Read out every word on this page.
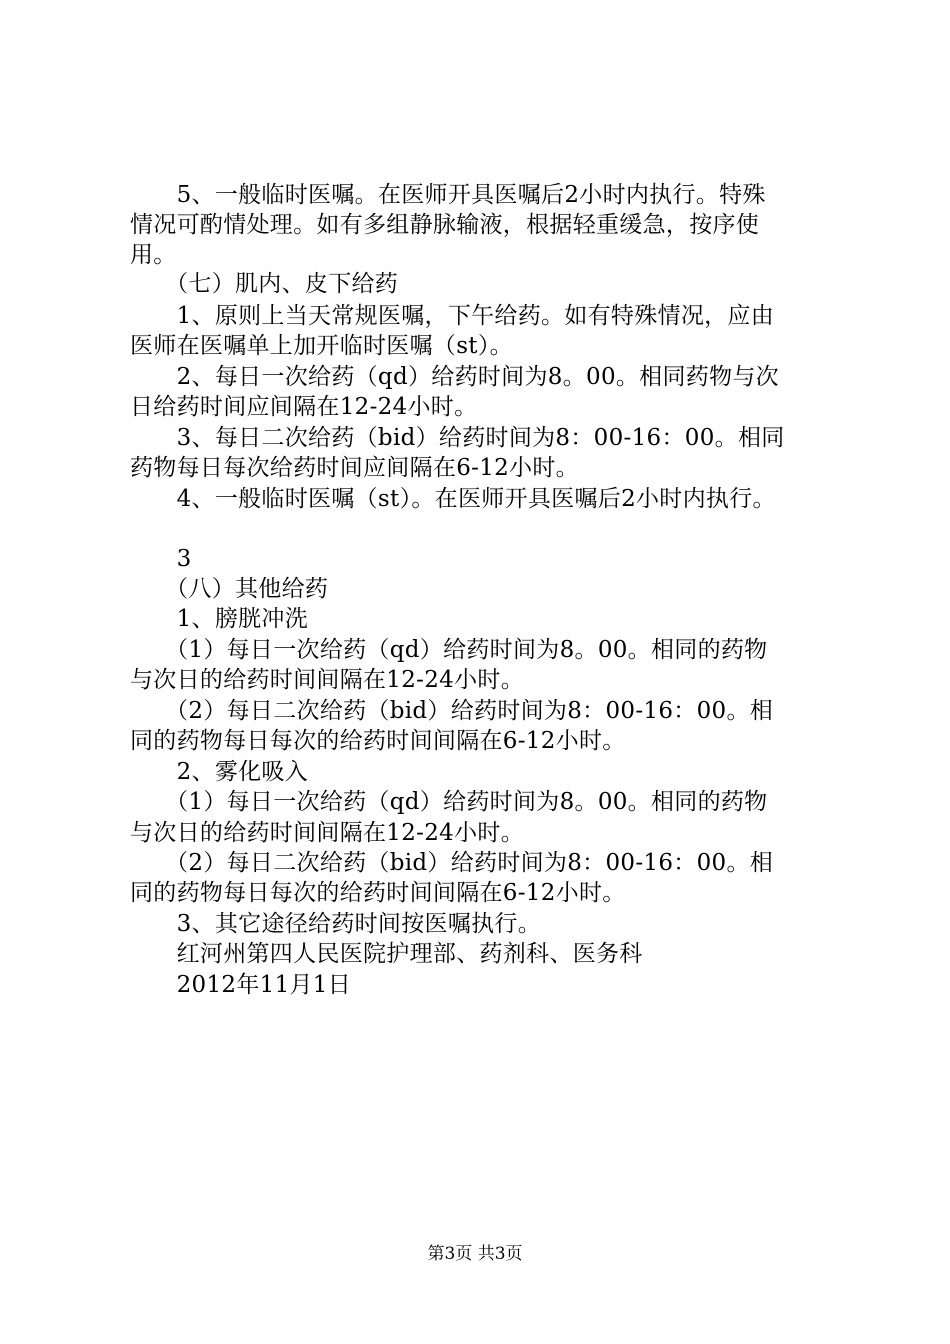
　　5、一般临时医嘱。在医师开具医嘱后2小时内执行。特殊
情况可酌情处理。如有多组静脉输液，根据轻重缓急，按序使
用。
　　（七）肌内、皮下给药
　　1、原则上当天常规医嘱，下午给药。如有特殊情况，应由
医师在医嘱单上加开临时医嘱（st）。
　　2、每日一次给药（qd）给药时间为8。00。相同药物与次
日给药时间应间隔在12-24小时。
　　3、每日二次给药（bid）给药时间为8：00-16：00。相同
药物每日每次给药时间应间隔在6-12小时。
　　4、一般临时医嘱（st）。在医师开具医嘱后2小时内执行。
　　3
　　（八）其他给药
　　1、膀胱冲洗
　　（1）每日一次给药（qd）给药时间为8。00。相同的药物
与次日的给药时间间隔在12-24小时。
　　（2）每日二次给药（bid）给药时间为8：00-16：00。相
同的药物每日每次的给药时间间隔在6-12小时。
　　2、雾化吸入
　　（1）每日一次给药（qd）给药时间为8。00。相同的药物
与次日的给药时间间隔在12-24小时。
　　（2）每日二次给药（bid）给药时间为8：00-16：00。相
同的药物每日每次的给药时间间隔在6-12小时。
　　3、其它途径给药时间按医嘱执行。
　　红河州第四人民医院护理部、药剂科、医务科
　　2012年11月1日
第3页 共3页
